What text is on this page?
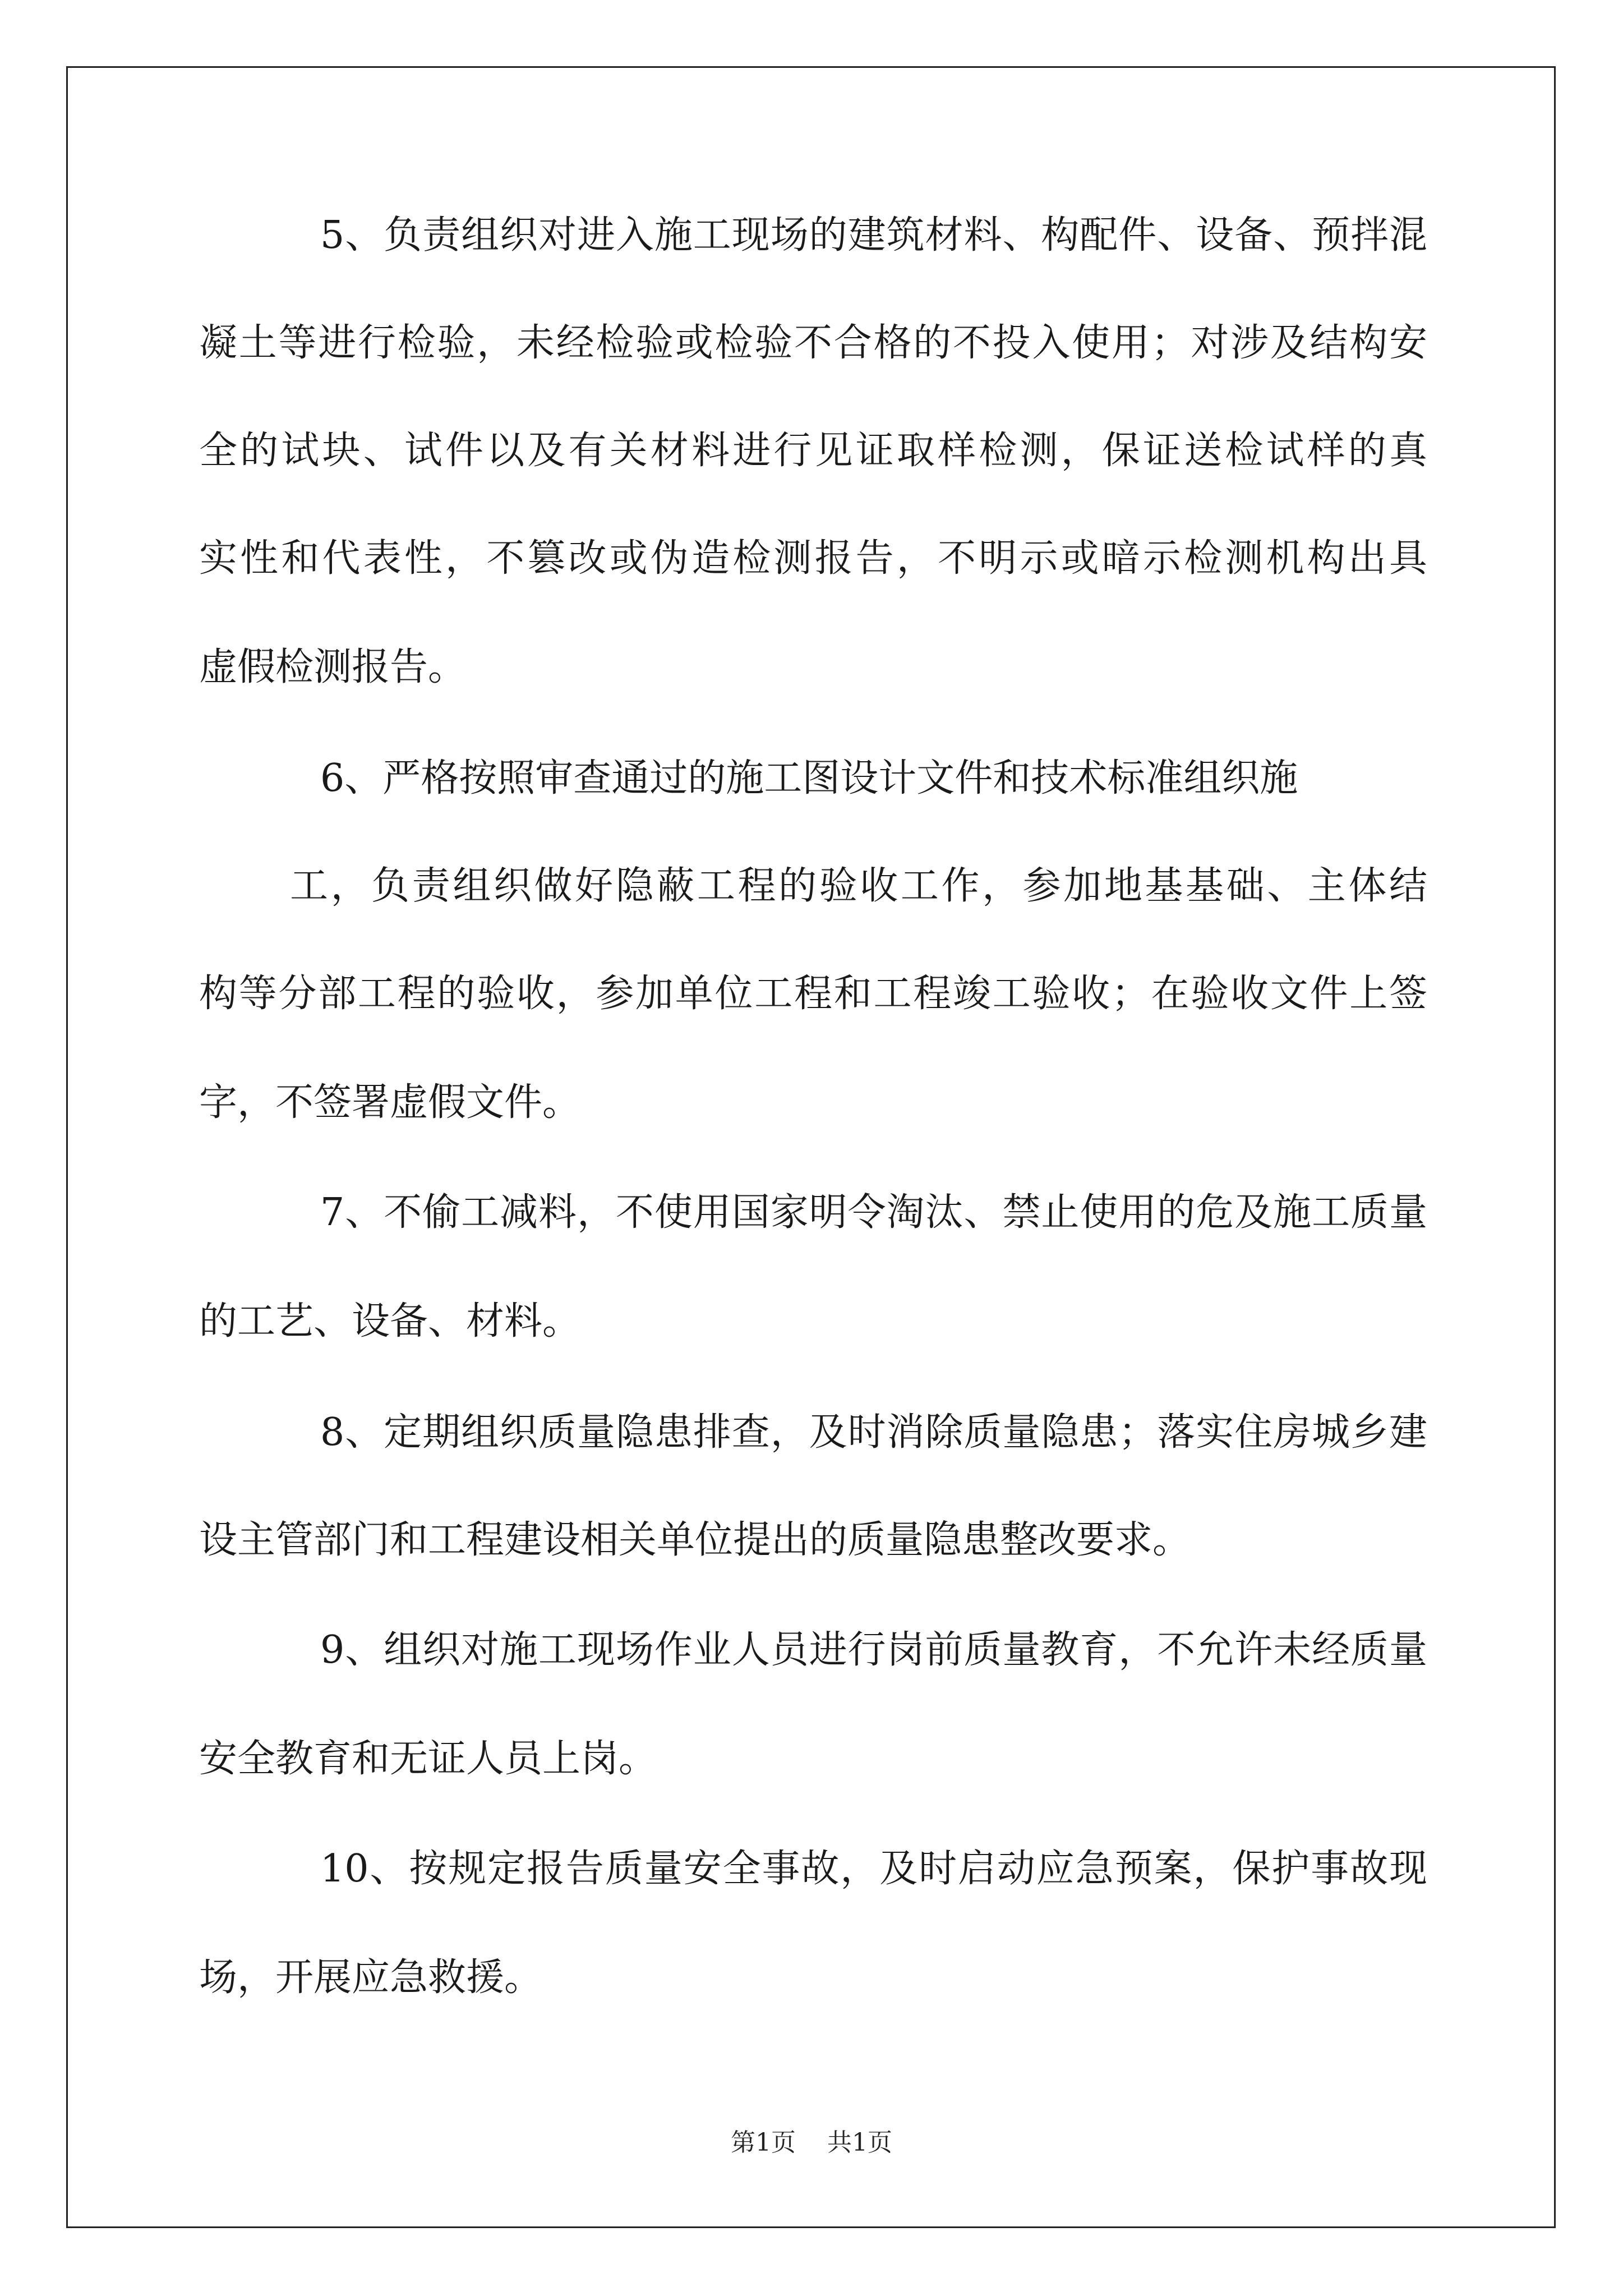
5、负责组织对进入施工现场的建筑材料、构配件、设备、预拌混
凝土等进行检验，未经检验或检验不合格的不投入使用；对涉及结构安
全的试块、试件以及有关材料进行见证取样检测，保证送检试样的真
实性和代表性，不篡改或伪造检测报告，不明示或暗示检测机构出具
虚假检测报告。
6、严格按照审查通过的施工图设计文件和技术标准组织施
工，负责组织做好隐蔽工程的验收工作，参加地基基础、主体结
构等分部工程的验收，参加单位工程和工程竣工验收；在验收文件上签
字，不签署虚假文件。
7、不偷工减料，不使用国家明令淘汰、禁止使用的危及施工质量
的工艺、设备、材料。
8、定期组织质量隐患排查，及时消除质量隐患；落实住房城乡建
设主管部门和工程建设相关单位提出的质量隐患整改要求。
9、组织对施工现场作业人员进行岗前质量教育，不允许未经质量
安全教育和无证人员上岗。
10、按规定报告质量安全事故，及时启动应急预案，保护事故现
场，开展应急救援。
第1页 共1页
